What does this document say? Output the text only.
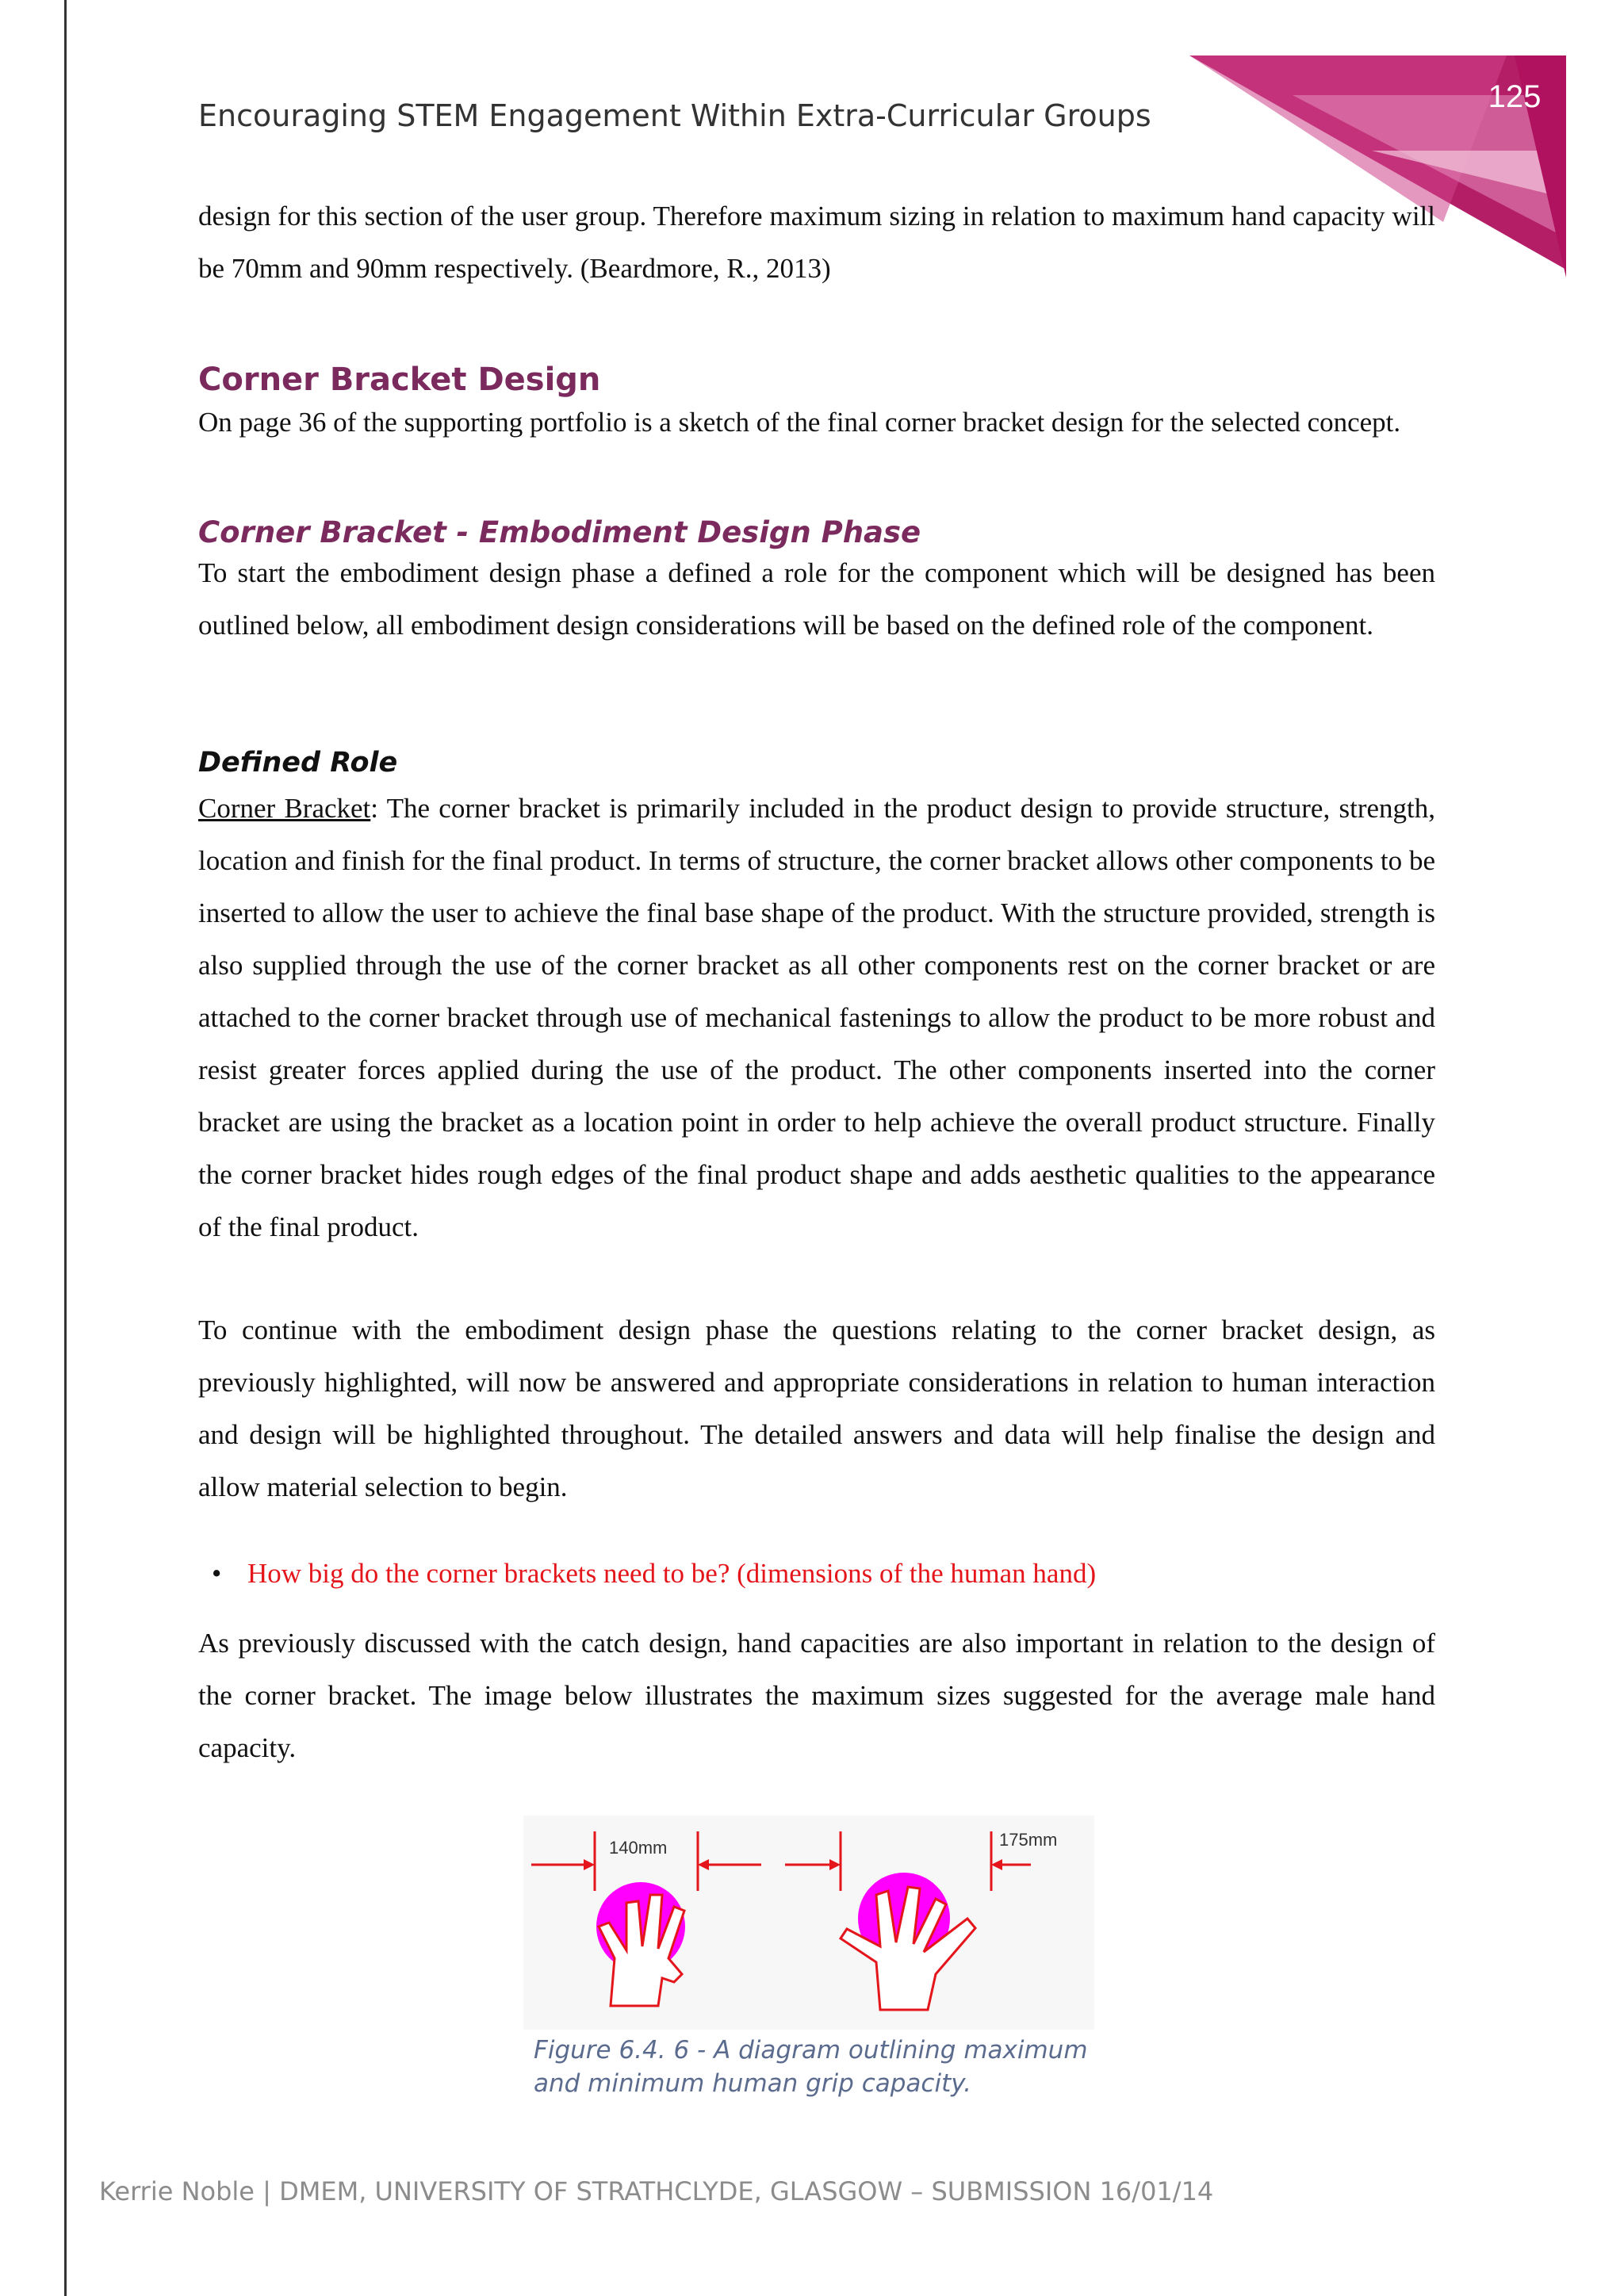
125
Encouraging STEM Engagement Within Extra-Curricular Groups

design for this section of the user group. Therefore maximum sizing in relation to maximum hand capacity will be 70mm and 90mm respectively. (Beardmore, R., 2013)

Corner Bracket Design

On page 36 of the supporting portfolio is a sketch of the final corner bracket design for the selected concept.

Corner Bracket - Embodiment Design Phase

To start the embodiment design phase a defined a role for the component which will be designed has been outlined below, all embodiment design considerations will be based on the defined role of the component.

Defined Role

Corner Bracket: The corner bracket is primarily included in the product design to provide structure, strength, location and finish for the final product. In terms of structure, the corner bracket allows other components to be inserted to allow the user to achieve the final base shape of the product. With the structure provided, strength is also supplied through the use of the corner bracket as all other components rest on the corner bracket or are attached to the corner bracket through use of mechanical fastenings to allow the product to be more robust and resist greater forces applied during the use of the product. The other components inserted into the corner bracket are using the bracket as a location point in order to help achieve the overall product structure. Finally the corner bracket hides rough edges of the final product shape and adds aesthetic qualities to the appearance of the final product.

To continue with the embodiment design phase the questions relating to the corner bracket design, as previously highlighted, will now be answered and appropriate considerations in relation to human interaction and design will be highlighted throughout. The detailed answers and data will help finalise the design and allow material selection to begin.

• How big do the corner brackets need to be? (dimensions of the human hand)

As previously discussed with the catch design, hand capacities are also important in relation to the design of the corner bracket. The image below illustrates the maximum sizes suggested for the average male hand capacity.

140mm	175mm

Figure 6.4. 6 - A diagram outlining maximum and minimum human grip capacity.

Kerrie Noble | DMEM, UNIVERSITY OF STRATHCLYDE, GLASGOW – SUBMISSION 16/01/14
